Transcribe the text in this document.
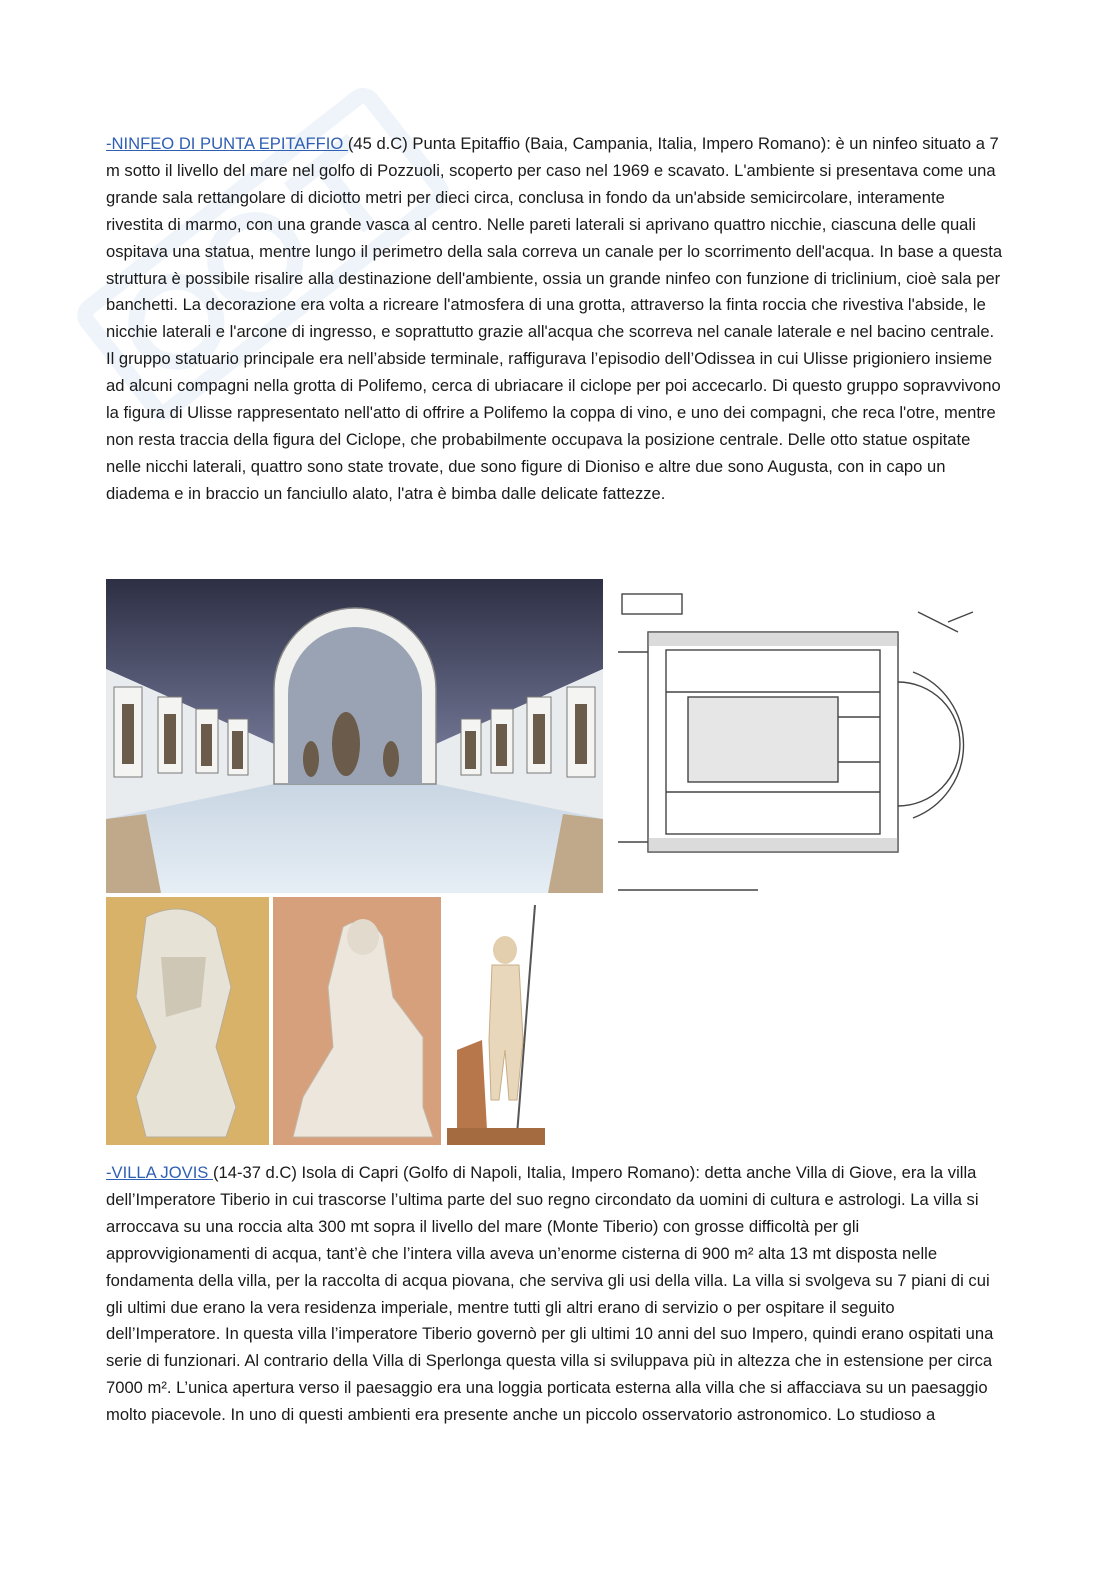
-NINFEO DI PUNTA EPITAFFIO (45 d.C) Punta Epitaffio (Baia, Campania, Italia, Impero Romano): è un ninfeo situato a 7 m sotto il livello del mare nel golfo di Pozzuoli, scoperto per caso nel 1969 e scavato. L'ambiente si presentava come una grande sala rettangolare di diciotto metri per dieci circa, conclusa in fondo da un'abside semicircolare, interamente rivestita di marmo, con una grande vasca al centro. Nelle pareti laterali si aprivano quattro nicchie, ciascuna delle quali ospitava una statua, mentre lungo il perimetro della sala correva un canale per lo scorrimento dell'acqua. In base a questa struttura è possibile risalire alla destinazione dell'ambiente, ossia un grande ninfeo con funzione di triclinium, cioè sala per banchetti. La decorazione era volta a ricreare l'atmosfera di una grotta, attraverso la finta roccia che rivestiva l'abside, le nicchie laterali e l'arcone di ingresso, e soprattutto grazie all'acqua che scorreva nel canale laterale e nel bacino centrale. Il gruppo statuario principale era nell’abside terminale, raffigurava l’episodio dell’Odissea in cui Ulisse prigioniero insieme ad alcuni compagni nella grotta di Polifemo, cerca di ubriacare il ciclope per poi accecarlo. Di questo gruppo sopravvivono la figura di Ulisse rappresentato nell'atto di offrire a Polifemo la coppa di vino, e uno dei compagni, che reca l'otre, mentre non resta traccia della figura del Ciclope, che probabilmente occupava la posizione centrale. Delle otto statue ospitate nelle nicchi laterali, quattro sono state trovate, due sono figure di Dioniso e altre due sono Augusta, con in capo un diadema e in braccio un fanciullo alato, l'atra è bimba dalle delicate fattezze.

-VILLA JOVIS (14-37 d.C) Isola di Capri (Golfo di Napoli, Italia, Impero Romano): detta anche Villa di Giove, era la villa dell’Imperatore Tiberio in cui trascorse l’ultima parte del suo regno circondato da uomini di cultura e astrologi. La villa si arroccava su una roccia alta 300 mt sopra il livello del mare (Monte Tiberio) con grosse difficoltà per gli approvvigionamenti di acqua, tant’è che l’intera villa aveva un’enorme cisterna di 900 m² alta 13 mt disposta nelle fondamenta della villa, per la raccolta di acqua piovana, che serviva gli usi della villa. La villa si svolgeva su 7 piani di cui gli ultimi due erano la vera residenza imperiale, mentre tutti gli altri erano di servizio o per ospitare il seguito dell’Imperatore. In questa villa l’imperatore Tiberio governò per gli ultimi 10 anni del suo Impero, quindi erano ospitati una serie di funzionari. Al contrario della Villa di Sperlonga questa villa si sviluppava più in altezza che in estensione per circa 7000 m². L’unica apertura verso il paesaggio era una loggia porticata esterna alla villa che si affacciava su un paesaggio molto piacevole. In uno di questi ambienti era presente anche un piccolo osservatorio astronomico. Lo studioso a
